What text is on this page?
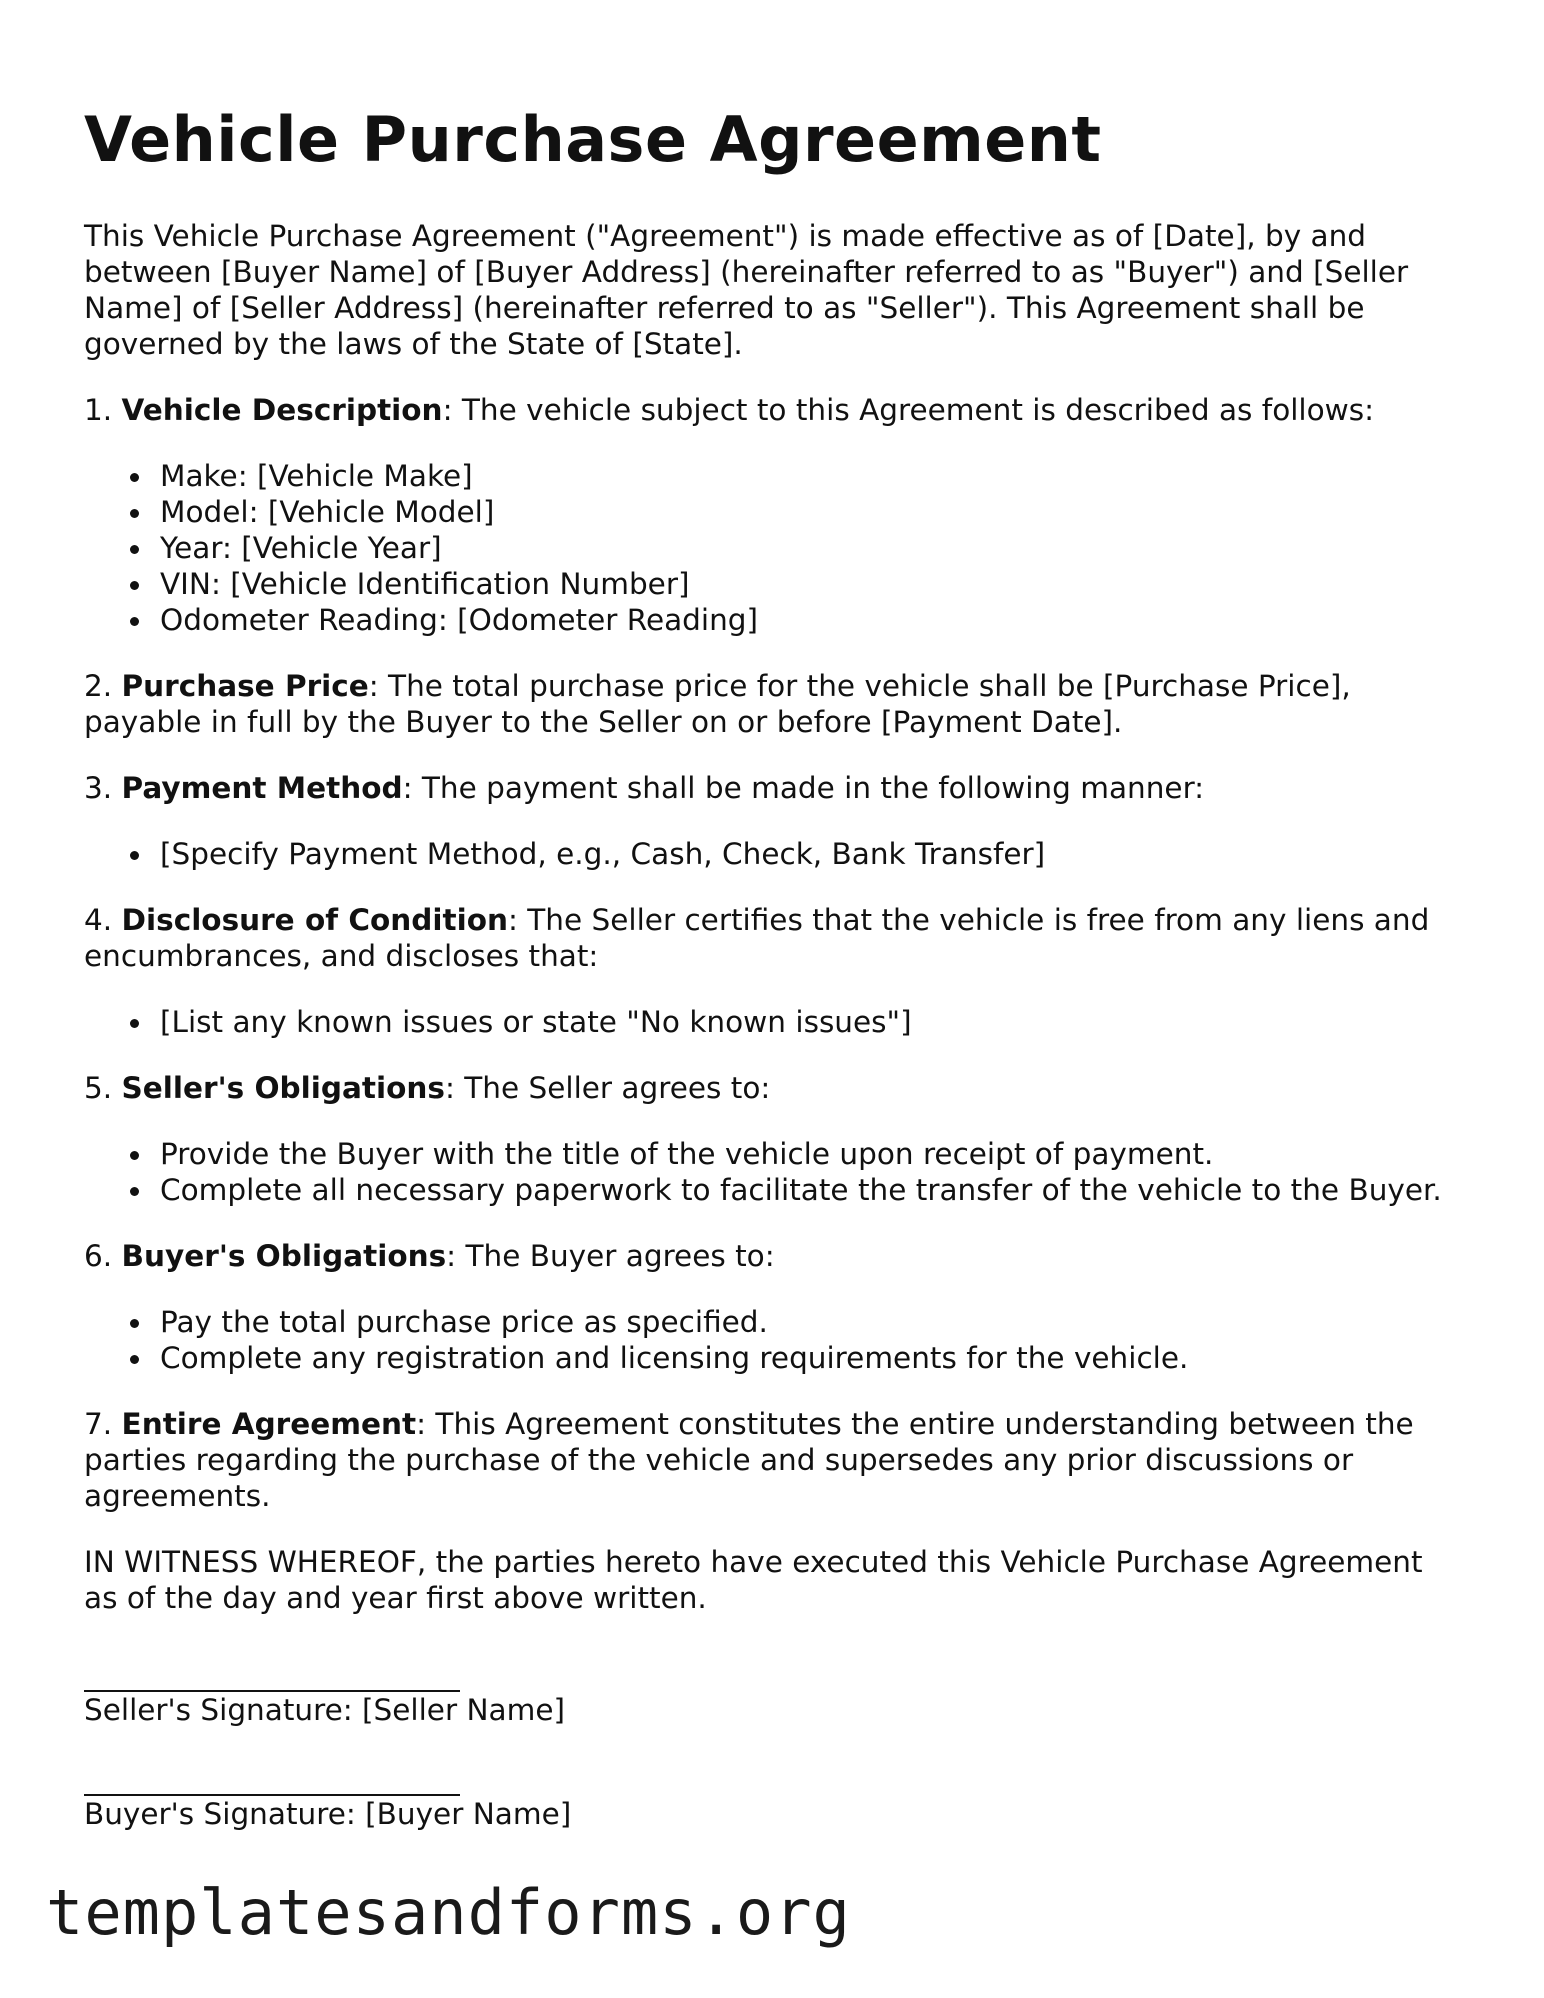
Vehicle Purchase Agreement

This Vehicle Purchase Agreement ("Agreement") is made effective as of [Date], by and between [Buyer Name] of [Buyer Address] (hereinafter referred to as "Buyer") and [Seller Name] of [Seller Address] (hereinafter referred to as "Seller"). This Agreement shall be governed by the laws of the State of [State].

1. Vehicle Description: The vehicle subject to this Agreement is described as follows:

Make: [Vehicle Make]
Model: [Vehicle Model]
Year: [Vehicle Year]
VIN: [Vehicle Identification Number]
Odometer Reading: [Odometer Reading]

2. Purchase Price: The total purchase price for the vehicle shall be [Purchase Price], payable in full by the Buyer to the Seller on or before [Payment Date].

3. Payment Method: The payment shall be made in the following manner:

[Specify Payment Method, e.g., Cash, Check, Bank Transfer]

4. Disclosure of Condition: The Seller certifies that the vehicle is free from any liens and encumbrances, and discloses that:

[List any known issues or state "No known issues"]

5. Seller's Obligations: The Seller agrees to:

Provide the Buyer with the title of the vehicle upon receipt of payment.
Complete all necessary paperwork to facilitate the transfer of the vehicle to the Buyer.

6. Buyer's Obligations: The Buyer agrees to:

Pay the total purchase price as specified.
Complete any registration and licensing requirements for the vehicle.

7. Entire Agreement: This Agreement constitutes the entire understanding between the parties regarding the purchase of the vehicle and supersedes any prior discussions or agreements.

IN WITNESS WHEREOF, the parties hereto have executed this Vehicle Purchase Agreement as of the day and year first above written.

Seller's Signature: [Seller Name]

Buyer's Signature: [Buyer Name]

templatesandforms.org
